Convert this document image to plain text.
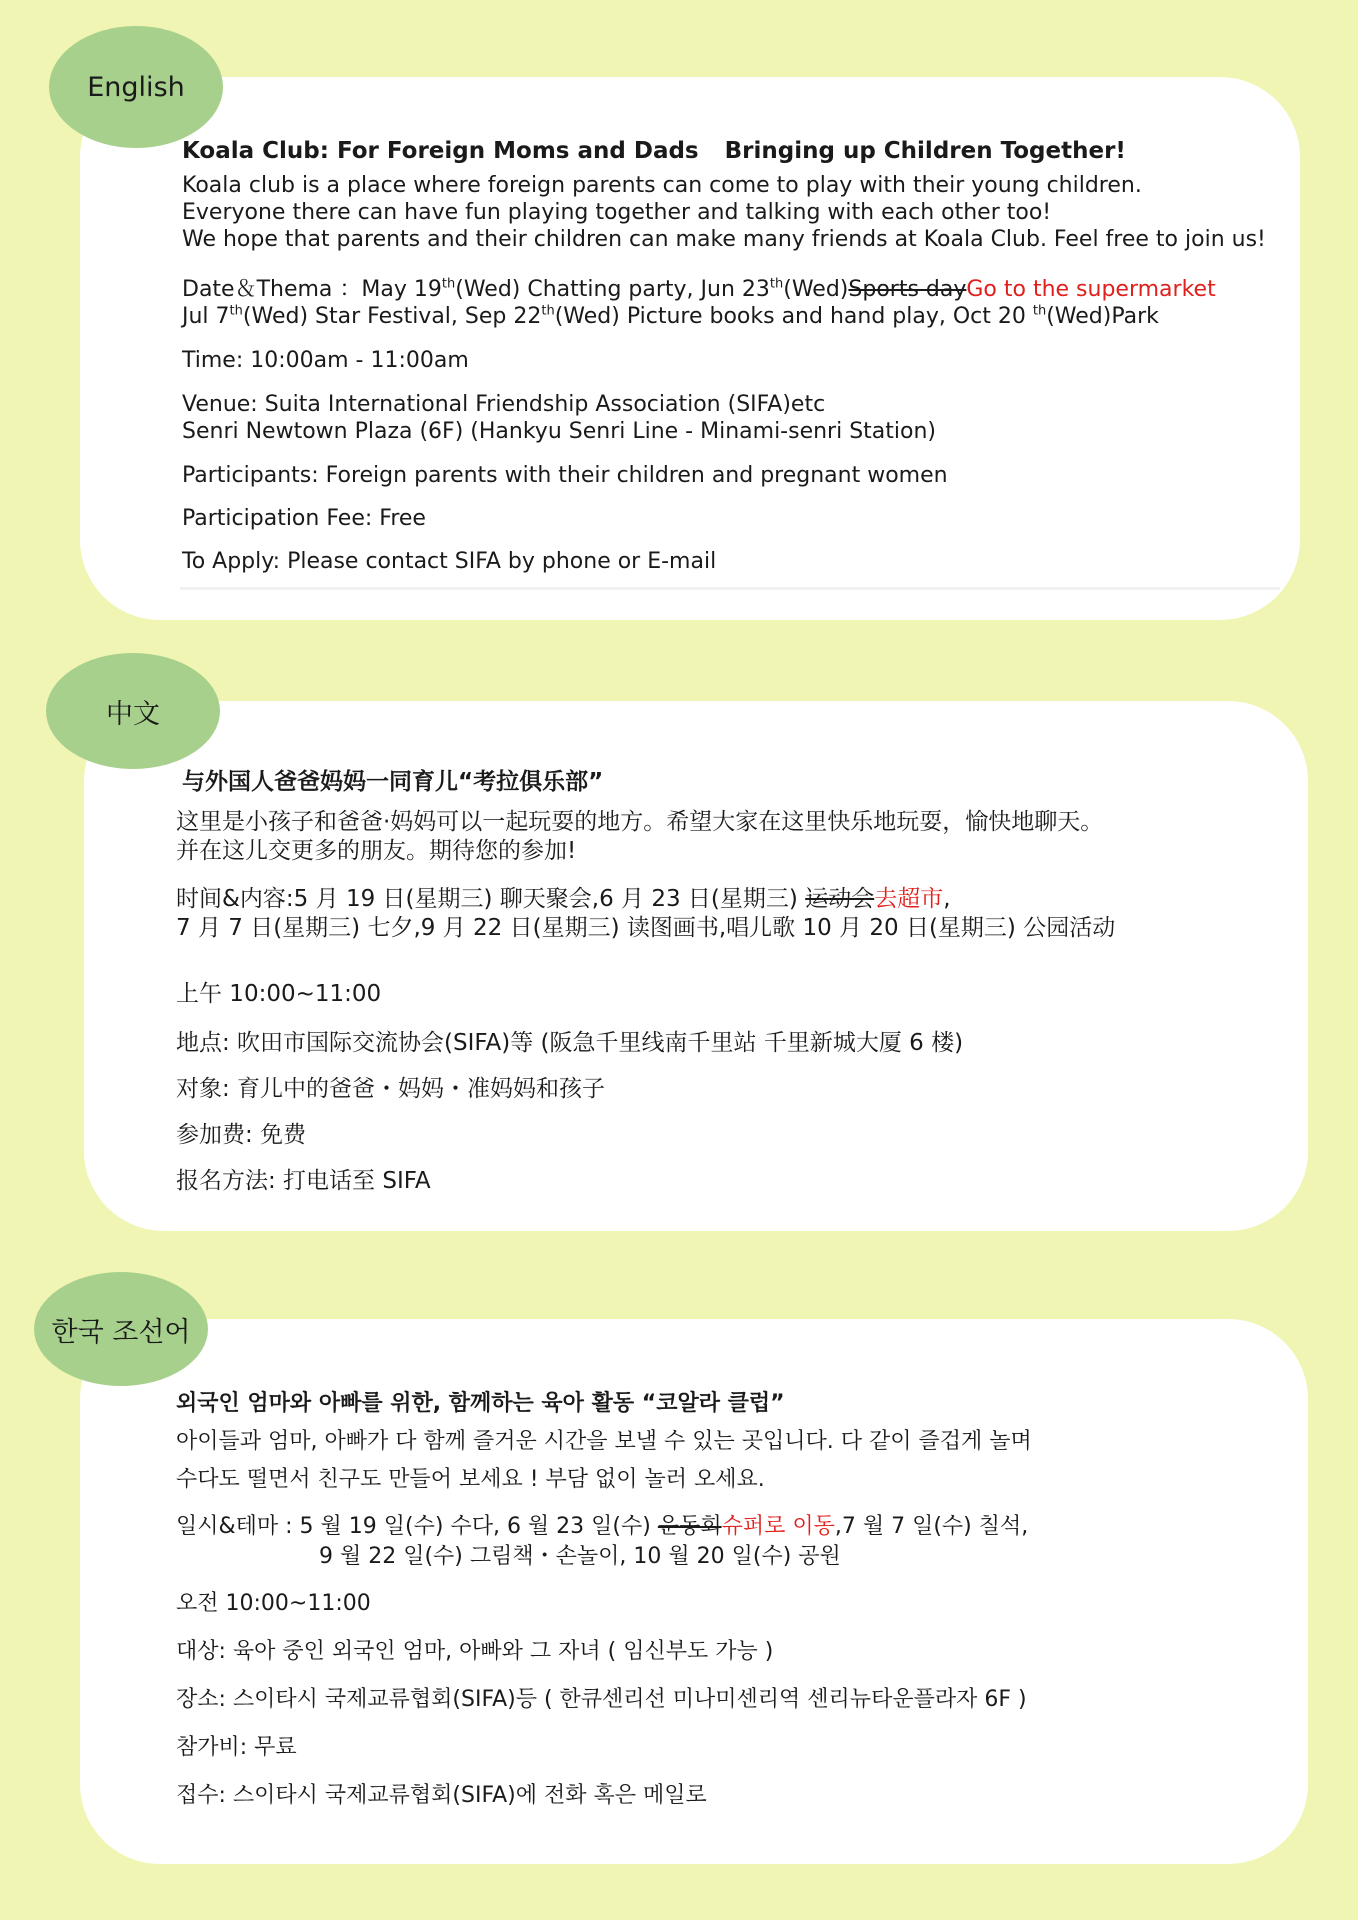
English
Koala Club: For Foreign Moms and Dads Bringing up Children Together!
Koala club is a place where foreign parents can come to play with their young children.
Everyone there can have fun playing together and talking with each other too!
We hope that parents and their children can make many friends at Koala Club. Feel free to join us!
Date＆Thema ：May 19th(Wed) Chatting party, Jun 23th(Wed)Sports dayGo to the supermarket
Jul 7th(Wed) Star Festival, Sep 22th(Wed) Picture books and hand play, Oct 20 $^{th}$(Wed)Park
Time: 10:00am - 11:00am
Venue: Suita International Friendship Association (SIFA)etc
Senri Newtown Plaza (6F) (Hankyu Senri Line - Minami-senri Station)
Participants: Foreign parents with their children and pregnant women
Participation Fee: Free
To Apply: Please contact SIFA by phone or E-mail
中文
与外国人爸爸妈妈一同育儿“考拉俱乐部”
这里是小孩子和爸爸·妈妈可以一起玩耍的地方。希望大家在这里快乐地玩耍，愉快地聊天。
并在这儿交更多的朋友。期待您的参加!
时间&内容:5 月 19 日(星期三) 聊天聚会,6 月 23 日(星期三) 运动会去超市,
7 月 7 日(星期三) 七夕,9 月 22 日(星期三) 读图画书,唱儿歌 10 月 20 日(星期三) 公园活动
上午 10:00~11:00
地点: 吹田市国际交流协会(SIFA)等 (阪急千里线南千里站 千里新城大厦 6 楼)
对象: 育儿中的爸爸・妈妈・准妈妈和孩子
参加费: 免费
报名方法: 打电话至 SIFA
한국 조선어
외국인 엄마와 아빠를 위한, 함께하는 육아 활동 “코알라 클럽”
아이들과 엄마, 아빠가 다 함께 즐거운 시간을 보낼 수 있는 곳입니다. 다 같이 즐겁게 놀며
수다도 떨면서 친구도 만들어 보세요 ! 부담 없이 놀러 오세요.
일시&테마 : 5 월 19 일(수) 수다, 6 월 23 일(수) 운동회슈퍼로 이동,7 월 7 일(수) 칠석,
9 월 22 일(수) 그림책・손놀이, 10 월 20 일(수) 공원
오전 10:00~11:00
대상: 육아 중인 외국인 엄마, 아빠와 그 자녀 ( 임신부도 가능 )
장소: 스이타시 국제교류협회(SIFA)등 ( 한큐센리선 미나미센리역 센리뉴타운플라자 6F )
참가비: 무료
접수: 스이타시 국제교류협회(SIFA)에 전화 혹은 메일로
